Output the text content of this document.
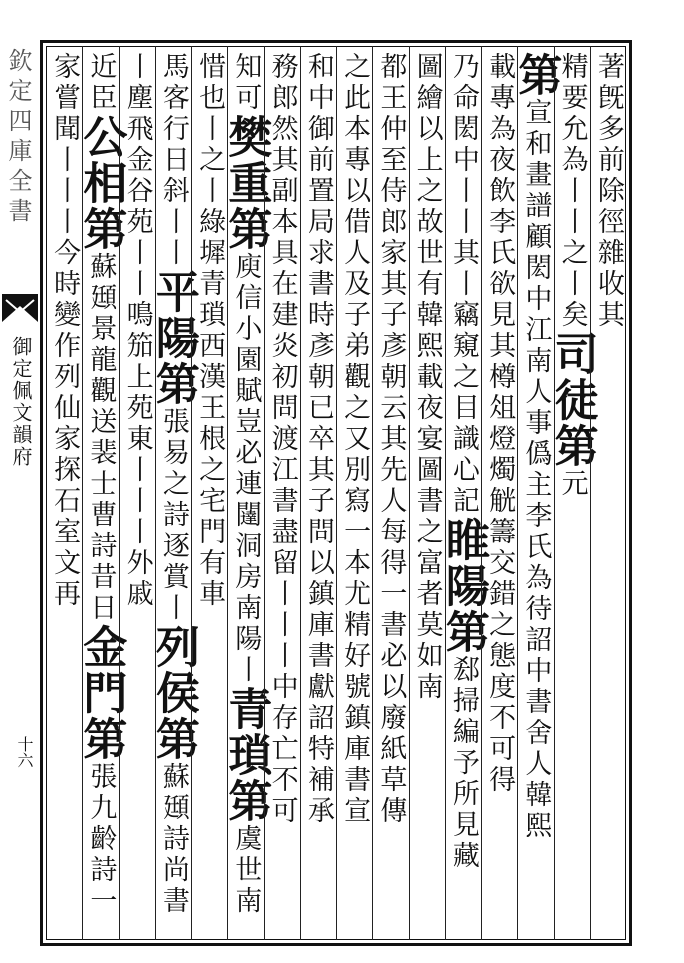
欽定四庫全書
御定佩文韻府
十六
著旣多前除徑雜收其
精要允為丨丨之丨矣司徒第元
第宣和畫譜顧閎中江南人事僞主李氏為待詔中書舍人韓熙
載專為夜飲李氏欲見其樽俎燈燭觥籌交錯之態度不可得
乃命閎中丨丨其丨竊窺之目識心記睢陽第郄掃編予所見藏
圖繪以上之故世有韓熙載夜宴圖書之富者莫如南
都王仲至侍郎家其子彥朝云其先人每得一書必以廢紙草傳
之此本專以借人及子弟觀之又別寫一本尤精好號鎮庫書宣
和中御前置局求書時彥朝已卒其子問以鎮庫書獻詔特補承
務郎然其副本具在建炎初問渡江書盡留丨丨丨中存亡不可
知可樊重第庾信小園賦豈必連闥洞房南陽丨青瑣第虞世南
惜也丨之丨綠墀青瑣西漢王根之宅門有車
馬客行日斜丨丨平陽第張易之詩逐賞丨列侯第蘇頲詩尚書
丨塵飛金谷苑丨丨鳴笳上苑東丨丨丨外戚
近臣公相第蘇頲景龍觀送裴士曹詩昔日金門第張九齡詩一
家嘗聞丨丨丨今時變作列仙家探石室文再
